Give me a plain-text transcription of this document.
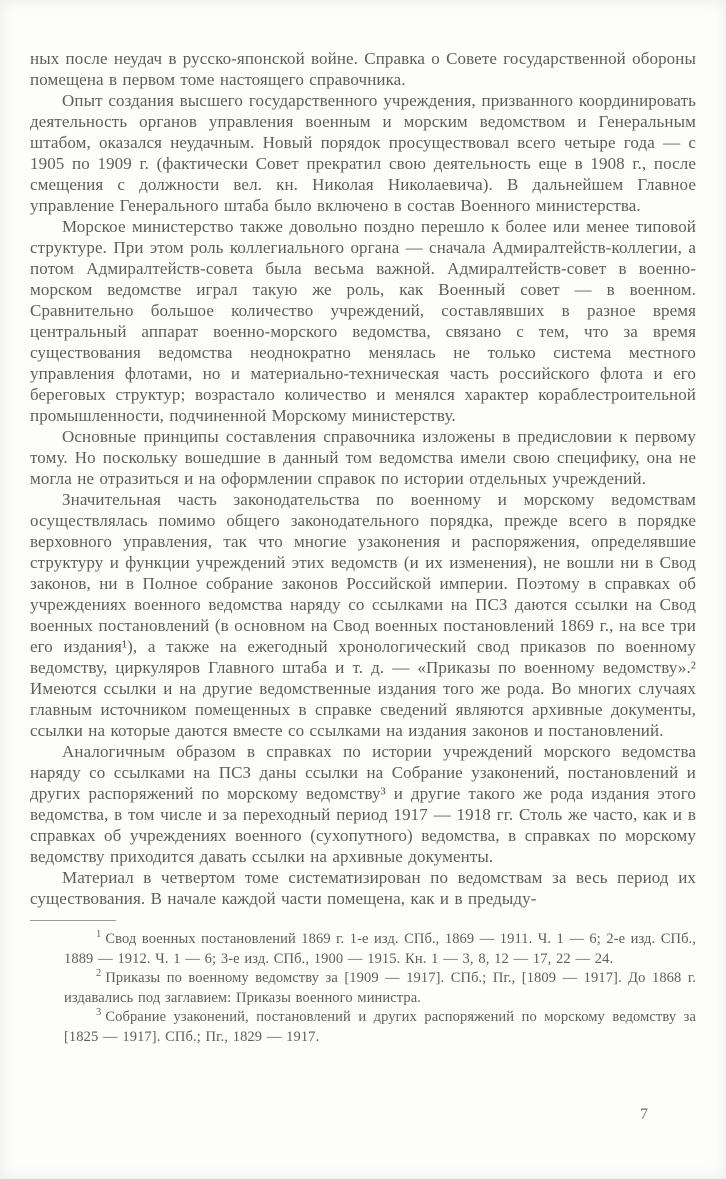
ных после неудач в русско-японской войне. Справка о Совете государственной обороны помещена в первом томе настоящего справочника.

Опыт создания высшего государственного учреждения, призванного координировать деятельность органов управления военным и морским ведомством и Генеральным штабом, оказался неудачным. Новый порядок просуществовал всего четыре года — с 1905 по 1909 г. (фактически Совет прекратил свою деятельность еще в 1908 г., после смещения с должности вел. кн. Николая Николаевича). В дальнейшем Главное управление Генерального штаба было включено в состав Военного министерства.

Морское министерство также довольно поздно перешло к более или менее типовой структуре. При этом роль коллегиального органа — сначала Адмиралтейств-коллегии, а потом Адмиралтейств-совета была весьма важной. Адмиралтейств-совет в военно-морском ведомстве играл такую же роль, как Военный совет — в военном. Сравнительно большое количество учреждений, составлявших в разное время центральный аппарат военно-морского ведомства, связано с тем, что за время существования ведомства неоднократно менялась не только система местного управления флотами, но и материально-техническая часть российского флота и его береговых структур; возрастало количество и менялся характер кораблестроительной промышленности, подчиненной Морскому министерству.

Основные принципы составления справочника изложены в предисловии к первому тому. Но поскольку вошедшие в данный том ведомства имели свою специфику, она не могла не отразиться и на оформлении справок по истории отдельных учреждений.

Значительная часть законодательства по военному и морскому ведомствам осуществлялась помимо общего законодательного порядка, прежде всего в порядке верховного управления, так что многие узаконения и распоряжения, определявшие структуру и функции учреждений этих ведомств (и их изменения), не вошли ни в Свод законов, ни в Полное собрание законов Российской империи. Поэтому в справках об учреждениях военного ведомства наряду со ссылками на ПСЗ даются ссылки на Свод военных постановлений (в основном на Свод военных постановлений 1869 г., на все три его издания¹), а также на ежегодный хронологический свод приказов по военному ведомству, циркуляров Главного штаба и т. д. — «Приказы по военному ведомству».² Имеются ссылки и на другие ведомственные издания того же рода. Во многих случаях главным источником помещенных в справке сведений являются архивные документы, ссылки на которые даются вместе со ссылками на издания законов и постановлений.

Аналогичным образом в справках по истории учреждений морского ведомства наряду со ссылками на ПСЗ даны ссылки на Собрание узаконений, постановлений и других распоряжений по морскому ведомству³ и другие такого же рода издания этого ведомства, в том числе и за переходный период 1917 — 1918 гг. Столь же часто, как и в справках об учреждениях военного (сухопутного) ведомства, в справках по морскому ведомству приходится давать ссылки на архивные документы.

Материал в четвертом томе систематизирован по ведомствам за весь период их существования. В начале каждой части помещена, как и в предыду-

$^1$ Свод военных постановлений 1869 г. 1-е изд. СПб., 1869 — 1911. Ч. 1 — 6; 2-е изд. СПб., 1889 — 1912. Ч. 1 — 6; 3-е изд. СПб., 1900 — 1915. Кн. 1 — 3, 8, 12 — 17, 22 — 24.

$^2$ Приказы по военному ведомству за [1909 — 1917]. СПб.; Пг., [1809 — 1917]. До 1868 г. издавались под заглавием: Приказы военного министра.

$^3$ Собрание узаконений, постановлений и других распоряжений по морскому ведомству за [1825 — 1917]. СПб.; Пг., 1829 — 1917.

7
